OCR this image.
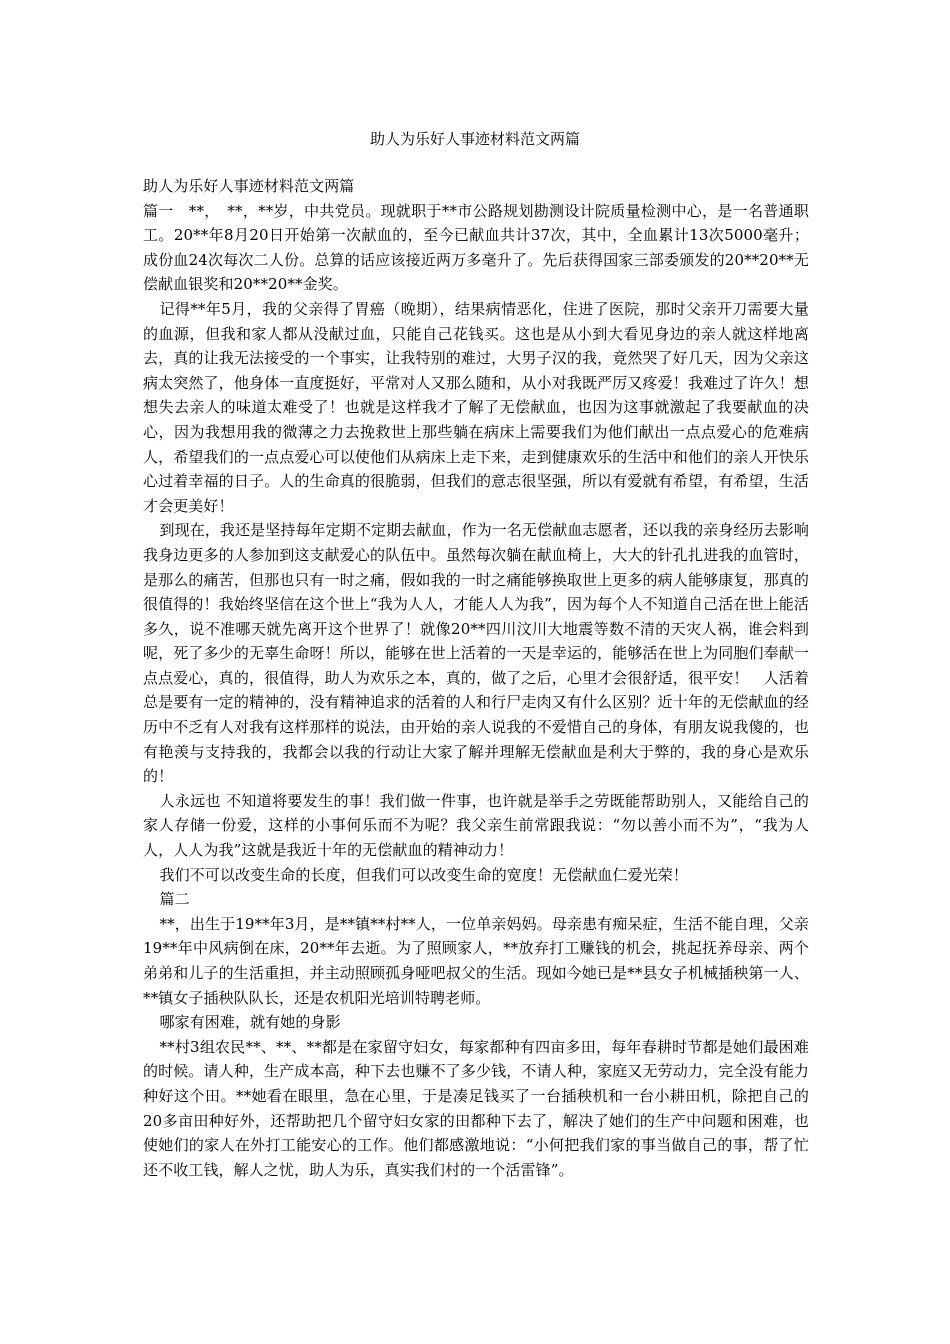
助人为乐好人事迹材料范文两篇

助人为乐好人事迹材料范文两篇

篇一　**，　**，**岁，中共党员。现就职于**市公路规划勘测设计院质量检测中心，是一名普通职工。20**年8月20日开始第一次献血的，至今已献血共计37次，其中，全血累计13次5000毫升；成份血24次每次二人份。总算的话应该接近两万多毫升了。先后获得国家三部委颁发的20**20**无偿献血银奖和20**20**金奖。

记得**年5月，我的父亲得了胃癌（晚期），结果病情恶化，住进了医院，那时父亲开刀需要大量的血源，但我和家人都从没献过血，只能自己花钱买。这也是从小到大看见身边的亲人就这样地离去，真的让我无法接受的一个事实，让我特别的难过，大男子汉的我，竟然哭了好几天，因为父亲这病太突然了，他身体一直度挺好，平常对人又那么随和，从小对我既严厉又疼爱！我难过了许久！想想失去亲人的味道太难受了！也就是这样我才了解了无偿献血，也因为这事就激起了我要献血的决心，因为我想用我的微薄之力去挽救世上那些躺在病床上需要我们为他们献出一点点爱心的危难病人，希望我们的一点点爱心可以使他们从病床上走下来，走到健康欢乐的生活中和他们的亲人开快乐心过着幸福的日子。人的生命真的很脆弱，但我们的意志很坚强，所以有爱就有希望，有希望，生活才会更美好！

到现在，我还是坚持每年定期不定期去献血，作为一名无偿献血志愿者，还以我的亲身经历去影响我身边更多的人参加到这支献爱心的队伍中。虽然每次躺在献血椅上，大大的针孔扎进我的血管时，是那么的痛苦，但那也只有一时之痛，假如我的一时之痛能够换取世上更多的病人能够康复，那真的很值得的！我始终坚信在这个世上“我为人人，才能人人为我”，因为每个人不知道自己活在世上能活多久，说不准哪天就先离开这个世界了！就像20**四川汶川大地震等数不清的天灾人祸，谁会料到呢，死了多少的无辜生命呀！所以，能够在世上活着的一天是幸运的，能够活在世上为同胞们奉献一点点爱心，真的，很值得，助人为欢乐之本，真的，做了之后，心里才会很舒适，很平安！　人活着总是要有一定的精神的，没有精神追求的活着的人和行尸走肉又有什么区别？近十年的无偿献血的经历中不乏有人对我有这样那样的说法，由开始的亲人说我的不爱惜自己的身体，有朋友说我傻的，也有艳羡与支持我的，我都会以我的行动让大家了解并理解无偿献血是利大于弊的，我的身心是欢乐的！

人永远也 不知道将要发生的事！我们做一件事，也许就是举手之劳既能帮助别人，又能给自己的家人存储一份爱，这样的小事何乐而不为呢？我父亲生前常跟我说：“勿以善小而不为”，“我为人人，人人为我”这就是我近十年的无偿献血的精神动力！

我们不可以改变生命的长度，但我们可以改变生命的宽度！无偿献血仁爱光荣！

篇二

**，出生于19**年3月，是**镇**村**人，一位单亲妈妈。母亲患有痴呆症，生活不能自理，父亲19**年中风病倒在床，20**年去逝。为了照顾家人，**放弃打工赚钱的机会，挑起抚养母亲、两个弟弟和儿子的生活重担，并主动照顾孤身哑吧叔父的生活。现如今她已是**县女子机械插秧第一人、**镇女子插秧队队长，还是农机阳光培训特聘老师。

哪家有困难，就有她的身影

**村3组农民**、**、**都是在家留守妇女，每家都种有四亩多田，每年春耕时节都是她们最困难的时候。请人种，生产成本高，种下去也赚不了多少钱，不请人种，家庭又无劳动力，完全没有能力种好这个田。**她看在眼里，急在心里，于是凑足钱买了一台插秧机和一台小耕田机，除把自己的20多亩田种好外，还帮助把几个留守妇女家的田都种下去了，解决了她们的生产中问题和困难，也使她们的家人在外打工能安心的工作。他们都感激地说：“小何把我们家的事当做自己的事，帮了忙还不收工钱，解人之忧，助人为乐，真实我们村的一个活雷锋”。
